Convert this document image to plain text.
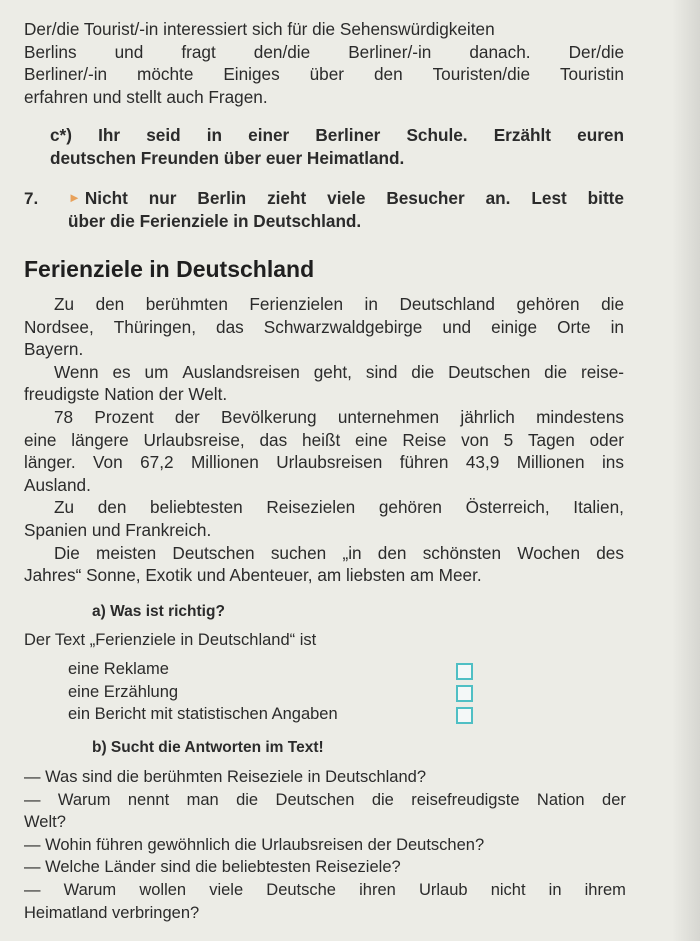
Der/die Tourist/-in interessiert sich für die Sehenswürdigkeiten
Berlins und fragt den/die Berliner/-in danach. Der/die
Berliner/-in möchte Einiges über den Touristen/die Touristin
erfahren und stellt auch Fragen.
c*) Ihr seid in einer Berliner Schule. Erzählt euren
deutschen Freunden über euer Heimatland.
7. ► Nicht nur Berlin zieht viele Besucher an. Lest bitte
über die Ferienziele in Deutschland.
Ferienziele in Deutschland
Zu den berühmten Ferienzielen in Deutschland gehören die
Nordsee, Thüringen, das Schwarzwaldgebirge und einige Orte in
Bayern.
Wenn es um Auslandsreisen geht, sind die Deutschen die reise-
freudigste Nation der Welt.
78 Prozent der Bevölkerung unternehmen jährlich mindestens
eine längere Urlaubsreise, das heißt eine Reise von 5 Tagen oder
länger. Von 67,2 Millionen Urlaubsreisen führen 43,9 Millionen ins
Ausland.
Zu den beliebtesten Reisezielen gehören Österreich, Italien,
Spanien und Frankreich.
Die meisten Deutschen suchen „in den schönsten Wochen des
Jahres“ Sonne, Exotik und Abenteuer, am liebsten am Meer.
a) Was ist richtig?
Der Text „Ferienziele in Deutschland“ ist
eine Reklame
eine Erzählung
ein Bericht mit statistischen Angaben
b) Sucht die Antworten im Text!
— Was sind die berühmten Reiseziele in Deutschland?
— Warum nennt man die Deutschen die reisefreudigste Nation der
Welt?
— Wohin führen gewöhnlich die Urlaubsreisen der Deutschen?
— Welche Länder sind die beliebtesten Reiseziele?
— Warum wollen viele Deutsche ihren Urlaub nicht in ihrem
Heimatland verbringen?
